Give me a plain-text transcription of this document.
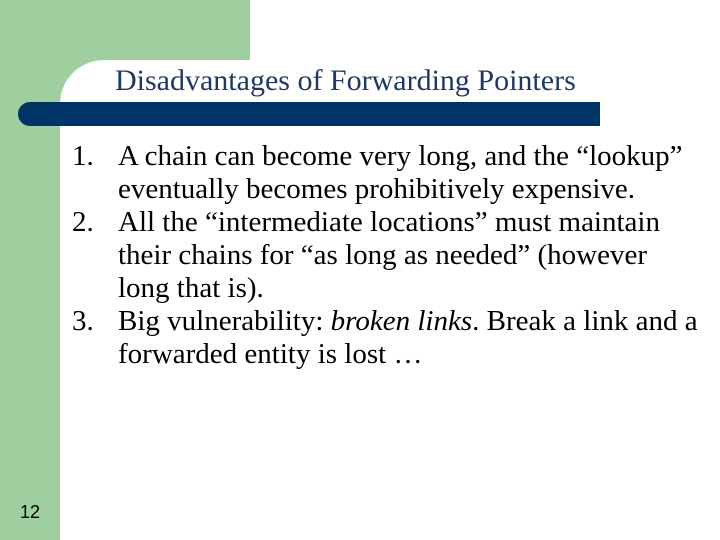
Disadvantages of Forwarding Pointers

1. A chain can become very long, and the “lookup” eventually becomes prohibitively expensive.

2. All the “intermediate locations” must maintain their chains for “as long as needed” (however long that is).

3. Big vulnerability: broken links. Break a link and a forwarded entity is lost …

12
